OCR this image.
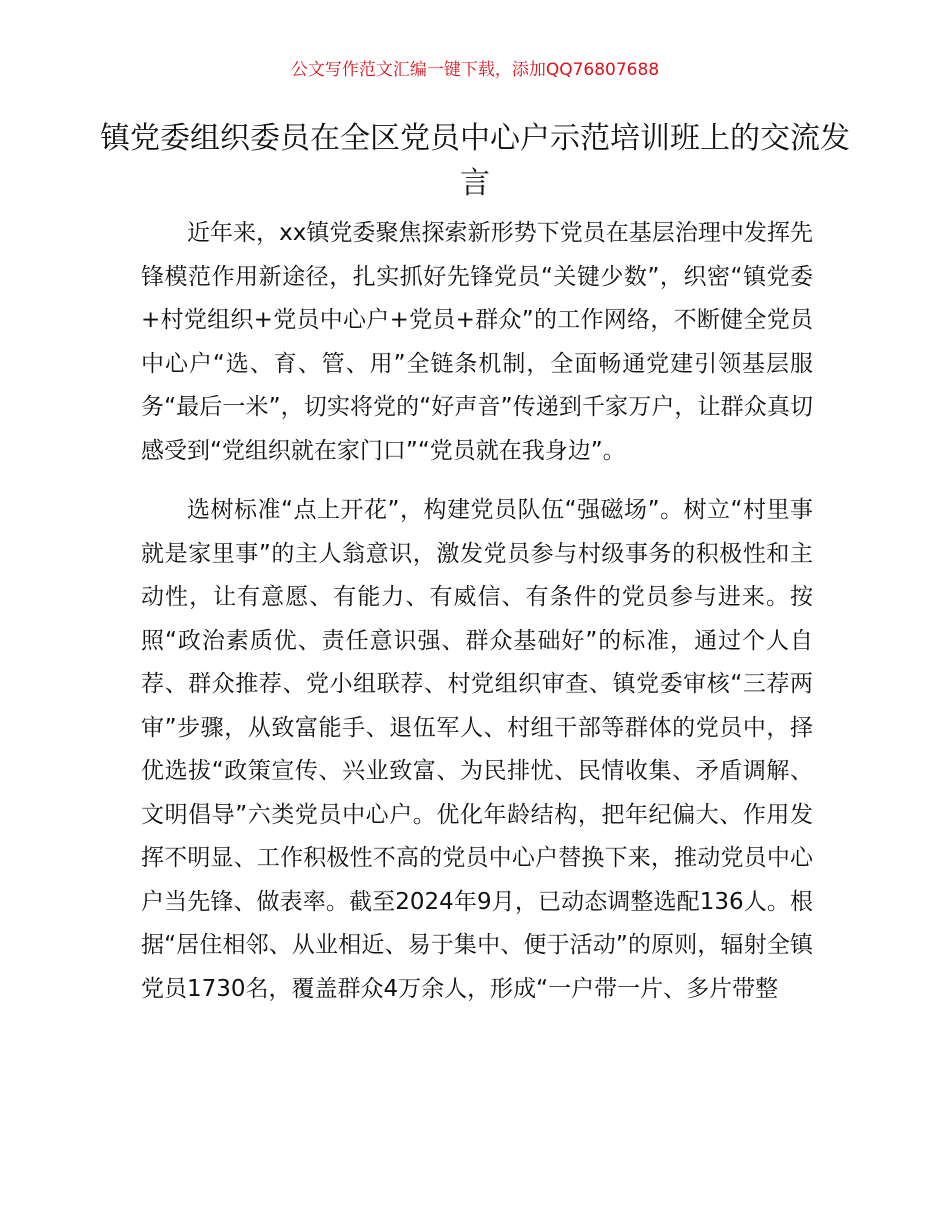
公文写作范文汇编一键下载，添加QQ76807688
镇党委组织委员在全区党员中心户示范培训班上的交流发言

近年来，xx镇党委聚焦探索新形势下党员在基层治理中发挥先锋模范作用新途径，扎实抓好先锋党员“关键少数”，织密“镇党委+村党组织+党员中心户+党员+群众”的工作网络，不断健全党员中心户“选、育、管、用”全链条机制，全面畅通党建引领基层服务“最后一米”，切实将党的“好声音”传递到千家万户，让群众真切感受到“党组织就在家门口”“党员就在我身边”。

选树标准“点上开花”，构建党员队伍“强磁场”。树立“村里事就是家里事”的主人翁意识，激发党员参与村级事务的积极性和主动性，让有意愿、有能力、有威信、有条件的党员参与进来。按照“政治素质优、责任意识强、群众基础好”的标准，通过个人自荐、群众推荐、党小组联荐、村党组织审查、镇党委审核“三荐两审”步骤，从致富能手、退伍军人、村组干部等群体的党员中，择优选拔“政策宣传、兴业致富、为民排忧、民情收集、矛盾调解、文明倡导”六类党员中心户。优化年龄结构，把年纪偏大、作用发挥不明显、工作积极性不高的党员中心户替换下来，推动党员中心户当先锋、做表率。截至2024年9月，已动态调整选配136人。根据“居住相邻、从业相近、易于集中、便于活动”的原则，辐射全镇党员1730名，覆盖群众4万余人，形成“一户带一片、多片带整
